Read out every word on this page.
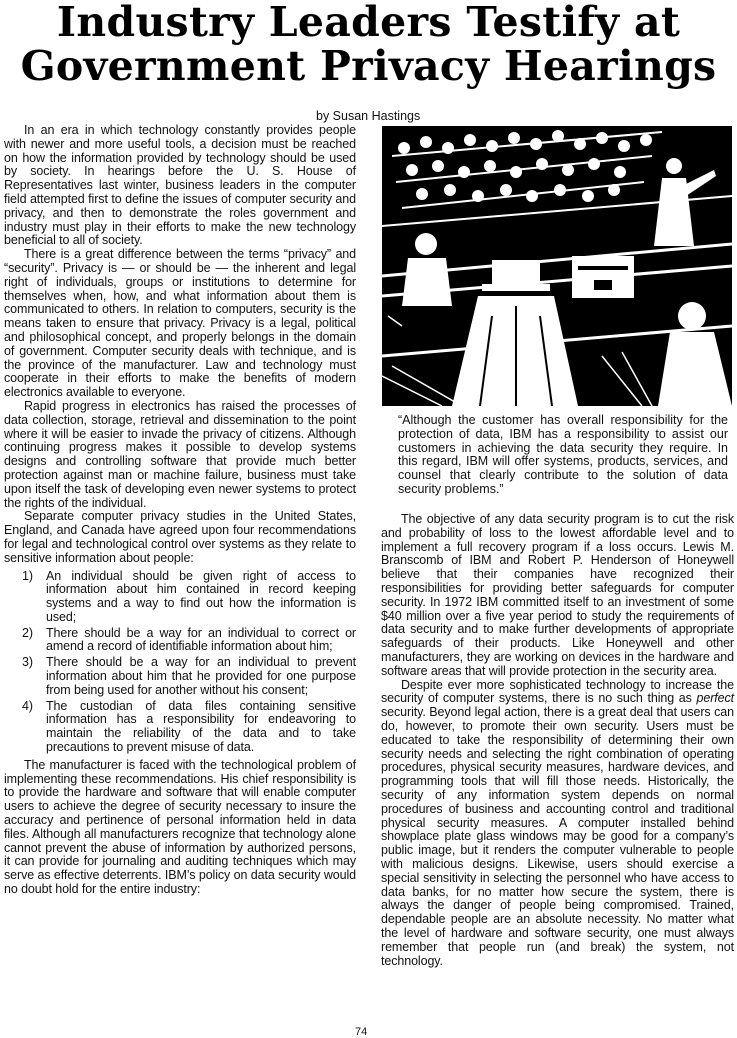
Industry Leaders Testify at
Government Privacy Hearings

by Susan Hastings

In an era in which technology constantly provides people with newer and more useful tools, a decision must be reached on how the information provided by technology should be used by society. In hearings before the U. S. House of Representatives last winter, business leaders in the computer field attempted first to define the issues of computer security and privacy, and then to demonstrate the roles government and industry must play in their efforts to make the new technology beneficial to all of society.

There is a great difference between the terms “privacy” and “security”. Privacy is — or should be — the inherent and legal right of individuals, groups or institutions to determine for themselves when, how, and what information about them is communicated to others. In relation to computers, security is the means taken to ensure that privacy. Privacy is a legal, political and philosophical concept, and properly belongs in the domain of government. Computer security deals with technique, and is the province of the manufacturer. Law and technology must cooperate in their efforts to make the benefits of modern electronics available to everyone.

Rapid progress in electronics has raised the processes of data collection, storage, retrieval and dissemination to the point where it will be easier to invade the privacy of citizens. Although continuing progress makes it possible to develop systems designs and controlling software that provide much better protection against man or machine failure, business must take upon itself the task of developing even newer systems to protect the rights of the individual.

Separate computer privacy studies in the United States, England, and Canada have agreed upon four recommendations for legal and technological control over systems as they relate to sensitive information about people:

1) An individual should be given right of access to information about him contained in record keeping systems and a way to find out how the information is used;
2) There should be a way for an individual to correct or amend a record of identifiable information about him;
3) There should be a way for an individual to prevent information about him that he provided for one purpose from being used for another without his consent;
4) The custodian of data files containing sensitive information has a responsibility for endeavoring to maintain the reliability of the data and to take precautions to prevent misuse of data.

The manufacturer is faced with the technological problem of implementing these recommendations. His chief responsibility is to provide the hardware and software that will enable computer users to achieve the degree of security necessary to insure the accuracy and pertinence of personal information held in data files. Although all manufacturers recognize that technology alone cannot prevent the abuse of information by authorized persons, it can provide for journaling and auditing techniques which may serve as effective deterrents. IBM’s policy on data security would no doubt hold for the entire industry:

“Although the customer has overall responsibility for the protection of data, IBM has a responsibility to assist our customers in achieving the data security they require. In this regard, IBM will offer systems, products, services, and counsel that clearly contribute to the solution of data security problems.”

The objective of any data security program is to cut the risk and probability of loss to the lowest affordable level and to implement a full recovery program if a loss occurs. Lewis M. Branscomb of IBM and Robert P. Henderson of Honeywell believe that their companies have recognized their responsibilities for providing better safeguards for computer security. In 1972 IBM committed itself to an investment of some $40 million over a five year period to study the requirements of data security and to make further developments of appropriate safeguards of their products. Like Honeywell and other manufacturers, they are working on devices in the hardware and software areas that will provide protection in the security area.

Despite ever more sophisticated technology to increase the security of computer systems, there is no such thing as perfect security. Beyond legal action, there is a great deal that users can do, however, to promote their own security. Users must be educated to take the responsibility of determining their own security needs and selecting the right combination of operating procedures, physical security measures, hardware devices, and programming tools that will fill those needs. Historically, the security of any information system depends on normal procedures of business and accounting control and traditional physical security measures. A computer installed behind showplace plate glass windows may be good for a company’s public image, but it renders the computer vulnerable to people with malicious designs. Likewise, users should exercise a special sensitivity in selecting the personnel who have access to data banks, for no matter how secure the system, there is always the danger of people being compromised. Trained, dependable people are an absolute necessity. No matter what the level of hardware and software security, one must always remember that people run (and break) the system, not technology.

74
